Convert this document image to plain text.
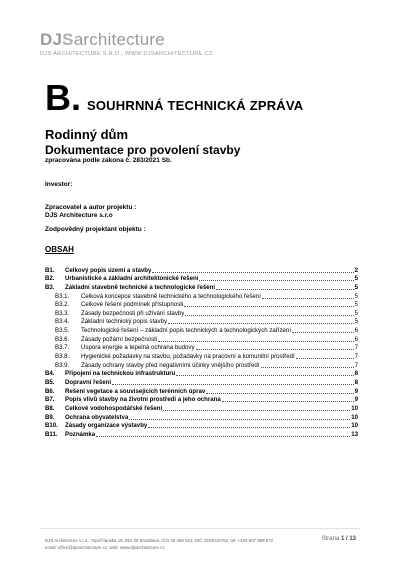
DJ S architecture
DJS ARCHITECTURE S.R.O., WWW.DJSARCHITECTURE.CZ
B. SOUHRNNÁ TECHNICKÁ ZPRÁVA
Rodinný dům
Dokumentace pro povolení stavby
zpracována podle zákona č. 283/2021 Sb.
Investor:
Zpracovatel a autor projektu :
DJS Architecture s.r.o
Zodpovědný projektant objektu :
OBSAH
B1.	Celkový popis území a stavby	2
B2.	Urbanistické a základní architektonické řešení	5
B3.	Základní stavebně technické a technologické řešení	5
B3.1.	Celková koncepce stavebně technického a technologického řešení	5
B3.2.	Celkové řešení podmínek přístupnosti	5
B3.3.	Zásady bezpečnosti při užívání stavby	5
B3.4.	Základní technický popis stavby	5
B3.5.	Technologické řešení – základní popis technických a technologických zařízení	6
B3.6.	Zásady požární bezpečnosti	6
B3.7.	Úspora energie a tepelná ochrana budovy	7
B3.8.	Hygienické požadavky na stavbu, požadavky na pracovní a komunitní prostředí	7
B3.9.	Zásady ochrany stavby před negativními účinky vnějšího prostředí	7
B4.	Připojení na technickou infrastrukturu	8
B5.	Dopravní řešení	8
B6.	Řešení vegetace a souvisejících terénních úprav	9
B7.	Popis vlivů stavby na životní prostředí a jeho ochrana	9
B8.	Celkové vodohospodářské řešení	10
B9.	Ochrana obyvatelstva	10
B10.	Zásady organizace výstavby	10
B11.	Poznámka	13
DJS Architecture s.r.o., Topoľčianska 19, 851 05 Bratislava, IČO 45 485 623, DIČ 2023010752, tel: +420 607 899 972
email: office@djsarchitecture.cz, web: www.djsarchitecture.cz
Strana 1 / 13
